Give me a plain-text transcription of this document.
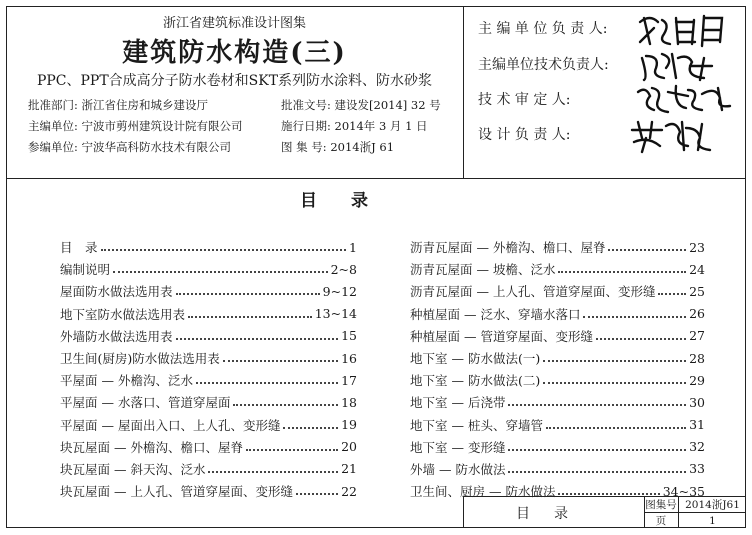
浙江省建筑标准设计图集
建筑防水构造(三)
PPC、PPT合成高分子防水卷材和SKT系列防水涂料、防水砂浆
批准部门: 浙江省住房和城乡建设厅	批准文号: 建设发[2014] 32 号
主编单位: 宁波市剪州建筑设计院有限公司	施行日期: 2014年 3 月 1 日
参编单位: 宁波华高科防水技术有限公司	图 集 号: 2014浙J 61
主 编 单 位 负 责 人:
主编单位技术负责人:
技 术 审 定 人:
设 计 负 责 人:
目　　录
目　录	1
编制说明	2~8
屋面防水做法选用表	9~12
地下室防水做法选用表	13~14
外墙防水做法选用表	15
卫生间(厨房)防水做法选用表	16
平屋面 — 外檐沟、泛水	17
平屋面 — 水落口、管道穿屋面	18
平屋面 — 屋面出入口、上人孔、变形缝	19
块瓦屋面 — 外檐沟、檐口、屋脊	20
块瓦屋面 — 斜天沟、泛水	21
块瓦屋面 — 上人孔、管道穿屋面、变形缝	22
沥青瓦屋面 — 外檐沟、檐口、屋脊	23
沥青瓦屋面 — 坡檐、泛水	24
沥青瓦屋面 — 上人孔、管道穿屋面、变形缝	25
种植屋面 — 泛水、穿墙水落口	26
种植屋面 — 管道穿屋面、变形缝	27
地下室 — 防水做法(一)	28
地下室 — 防水做法(二)	29
地下室 — 后浇带	30
地下室 — 桩头、穿墙管	31
地下室 — 变形缝	32
外墙 — 防水做法	33
卫生间、厨房 — 防水做法	34~35
目录
图集号 2014浙J61
页	1
